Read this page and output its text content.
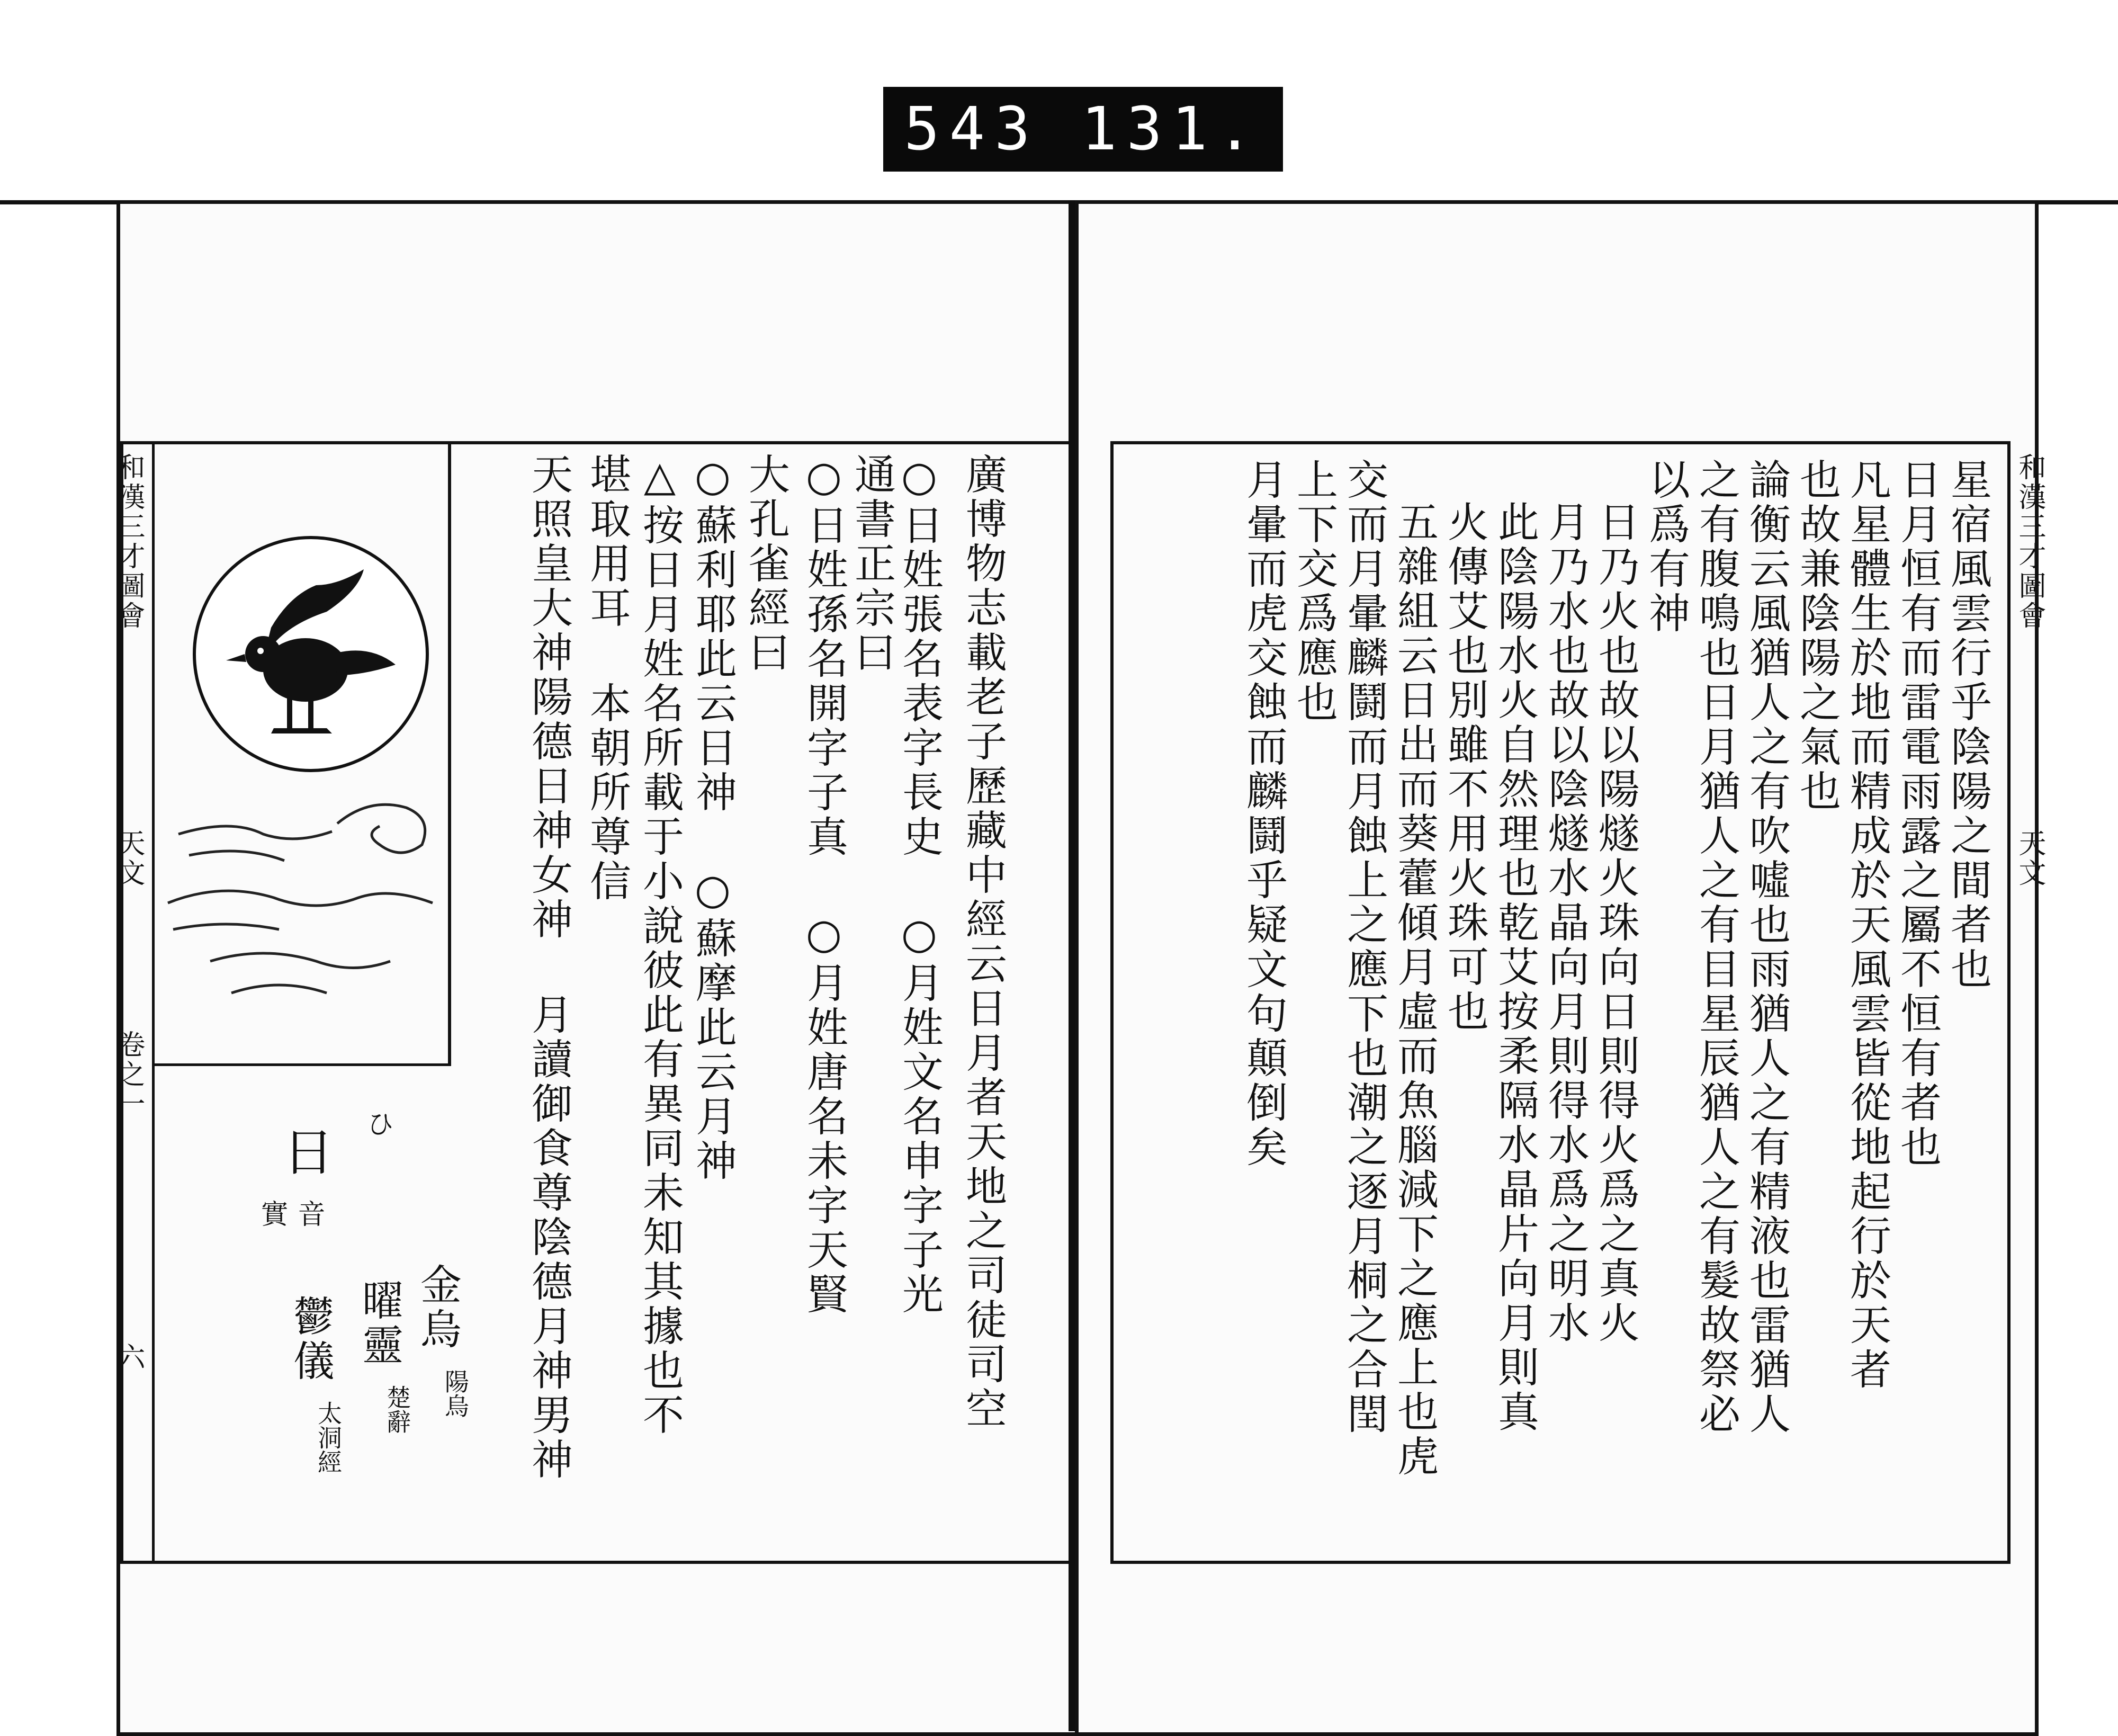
543 131.
和漢三才圖會
天文
卷之一
六
日
ひ
音
實
金烏
陽烏
曜靈
楚辭
鬱儀
太洞經
廣博物志載老子歷藏中經云日月者天地之司徒司空
○日姓張名表字長史 ○月姓文名申字子光
通書正宗曰
○日姓孫名開字子真 ○月姓唐名未字天賢
大孔雀經曰
○蘇利耶此云日神 ○蘇摩此云月神
△按日月姓名所載于小說彼此有異同未知其據也不
堪取用耳 本朝所尊信
天照皇大神陽德日神女神 月讀御食尊陰德月神男神	星宿風雲行乎陰陽之間者也
日月恒有而雷電雨露之屬不恒有者也
凡星體生於地而精成於天風雲皆從地起行於天者
也故兼陰陽之氣也
論衡云風猶人之有吹噓也雨猶人之有精液也雷猶人
之有腹鳴也日月猶人之有目星辰猶人之有髮故祭必
以爲有神
日乃火也故以陽燧火珠向日則得火爲之真火
月乃水也故以陰燧水晶向月則得水爲之明水
此陰陽水火自然理也乾艾按柔隔水晶片向月則真
火傳艾也別雖不用火珠可也
五雜組云日出而葵藿傾月虛而魚腦減下之應上也虎
交而月暈麟鬪而月蝕上之應下也潮之逐月桐之合閏
上下交爲應也
月暈而虎交蝕而麟鬪乎疑文句顛倒矣	和漢三才圖會
天文
